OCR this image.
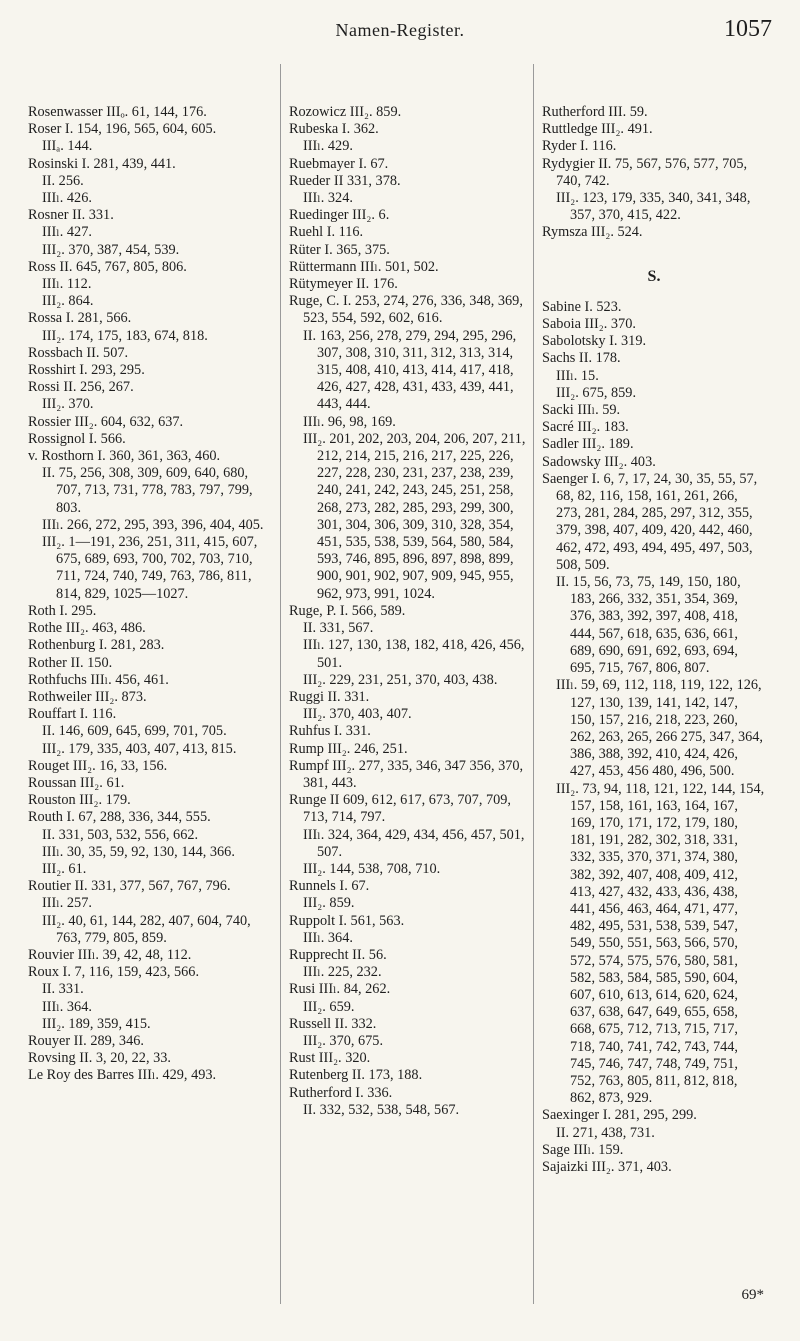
Namen-Register.	1057

Rosenwasser IIIₒ. 61, 144, 176.

Roser I. 154, 196, 565, 604, 605.

IIIₐ. 144.

Rosinski I. 281, 439, 441.

II. 256.

IIIₗ. 426.

Rosner II. 331.

IIIₗ. 427.

III₂. 370, 387, 454, 539.

Ross II. 645, 767, 805, 806.

IIIₗ. 112.

III₂. 864.

Rossa I. 281, 566.

III₂. 174, 175, 183, 674, 818.

Rossbach II. 507.

Rosshirt I. 293, 295.

Rossi II. 256, 267.

III₂. 370.

Rossier III₂. 604, 632, 637.

Rossignol I. 566.

v. Rosthorn I. 360, 361, 363, 460.

II. 75, 256, 308, 309, 609, 640, 680, 707, 713, 731, 778, 783, 797, 799, 803.

IIIₗ. 266, 272, 295, 393, 396, 404, 405.

III₂. 1—191, 236, 251, 311, 415, 607, 675, 689, 693, 700, 702, 703, 710, 711, 724, 740, 749, 763, 786, 811, 814, 829, 1025—1027.

Roth I. 295.

Rothe III₂. 463, 486.

Rothenburg I. 281, 283.

Rother II. 150.

Rothfuchs IIIₗ. 456, 461.

Rothweiler III₂. 873.

Rouffart I. 116.

II. 146, 609, 645, 699, 701, 705.

III₂. 179, 335, 403, 407, 413, 815.

Rouget III₂. 16, 33, 156.

Roussan III₂. 61.

Rouston III₂. 179.

Routh I. 67, 288, 336, 344, 555.

II. 331, 503, 532, 556, 662.

IIIₗ. 30, 35, 59, 92, 130, 144, 366.

III₂. 61.

Routier II. 331, 377, 567, 767, 796.

IIIₗ. 257.

III₂. 40, 61, 144, 282, 407, 604, 740, 763, 779, 805, 859.

Rouvier IIIₗ. 39, 42, 48, 112.

Roux I. 7, 116, 159, 423, 566.

II. 331.

IIIₗ. 364.

III₂. 189, 359, 415.

Rouyer II. 289, 346.

Rovsing II. 3, 20, 22, 33.

Le Roy des Barres IIIₗ. 429, 493.

Rozowicz III₂. 859.

Rubeska I. 362.

IIIₗ. 429.

Ruebmayer I. 67.

Rueder II 331, 378.

IIIₗ. 324.

Ruedinger III₂. 6.

Ruehl I. 116.

Rüter I. 365, 375.

Rüttermann IIIₗ. 501, 502.

Rütymeyer II. 176.

Ruge, C. I. 253, 274, 276, 336, 348, 369, 523, 554, 592, 602, 616.

II. 163, 256, 278, 279, 294, 295, 296, 307, 308, 310, 311, 312, 313, 314, 315, 408, 410, 413, 414, 417, 418, 426, 427, 428, 431, 433, 439, 441, 443, 444.

IIIₗ. 96, 98, 169.

III₂. 201, 202, 203, 204, 206, 207, 211, 212, 214, 215, 216, 217, 225, 226, 227, 228, 230, 231, 237, 238, 239, 240, 241, 242, 243, 245, 251, 258, 268, 273, 282, 285, 293, 299, 300, 301, 304, 306, 309, 310, 328, 354, 451, 535, 538, 539, 564, 580, 584, 593, 746, 895, 896, 897, 898, 899, 900, 901, 902, 907, 909, 945, 955, 962, 973, 991, 1024.

Ruge, P. I. 566, 589.

II. 331, 567.

IIIₗ. 127, 130, 138, 182, 418, 426, 456, 501.

III₂. 229, 231, 251, 370, 403, 438.

Ruggi II. 331.

III₂. 370, 403, 407.

Ruhfus I. 331.

Rump III₂. 246, 251.

Rumpf III₂. 277, 335, 346, 347 356, 370, 381, 443.

Runge II 609, 612, 617, 673, 707, 709, 713, 714, 797.

IIIₗ. 324, 364, 429, 434, 456, 457, 501, 507.

III₂. 144, 538, 708, 710.

Runnels I. 67.

III₂. 859.

Ruppolt I. 561, 563.

IIIₗ. 364.

Rupprecht II. 56.

IIIₗ. 225, 232.

Rusi IIIₗ. 84, 262.

III₂. 659.

Russell II. 332.

III₂. 370, 675.

Rust III₂. 320.

Rutenberg II. 173, 188.

Rutherford I. 336.

II. 332, 532, 538, 548, 567.

Rutherford III. 59.

Ruttledge III₂. 491.

Ryder I. 116.

Rydygier II. 75, 567, 576, 577, 705, 740, 742.

III₂. 123, 179, 335, 340, 341, 348, 357, 370, 415, 422.

Rymsza III₂. 524.

S.

Sabine I. 523.

Saboia III₂. 370.

Sabolotsky I. 319.

Sachs II. 178.

IIIₗ. 15.

III₂. 675, 859.

Sacki IIIₗ. 59.

Sacré III₂. 183.

Sadler III₂. 189.

Sadowsky III₂. 403.

Saenger I. 6, 7, 17, 24, 30, 35, 55, 57, 68, 82, 116, 158, 161, 261, 266, 273, 281, 284, 285, 297, 312, 355, 379, 398, 407, 409, 420, 442, 460, 462, 472, 493, 494, 495, 497, 503, 508, 509.

II. 15, 56, 73, 75, 149, 150, 180, 183, 266, 332, 351, 354, 369, 376, 383, 392, 397, 408, 418, 444, 567, 618, 635, 636, 661, 689, 690, 691, 692, 693, 694, 695, 715, 767, 806, 807.

IIIₗ. 59, 69, 112, 118, 119, 122, 126, 127, 130, 139, 141, 142, 147, 150, 157, 216, 218, 223, 260, 262, 263, 265, 266 275, 347, 364, 386, 388, 392, 410, 424, 426, 427, 453, 456 480, 496, 500.

III₂. 73, 94, 118, 121, 122, 144, 154, 157, 158, 161, 163, 164, 167, 169, 170, 171, 172, 179, 180, 181, 191, 282, 302, 318, 331, 332, 335, 370, 371, 374, 380, 382, 392, 407, 408, 409, 412, 413, 427, 432, 433, 436, 438, 441, 456, 463, 464, 471, 477, 482, 495, 531, 538, 539, 547, 549, 550, 551, 563, 566, 570, 572, 574, 575, 576, 580, 581, 582, 583, 584, 585, 590, 604, 607, 610, 613, 614, 620, 624, 637, 638, 647, 649, 655, 658, 668, 675, 712, 713, 715, 717, 718, 740, 741, 742, 743, 744, 745, 746, 747, 748, 749, 751, 752, 763, 805, 811, 812, 818, 862, 873, 929.

Saexinger I. 281, 295, 299.

II. 271, 438, 731.

Sage IIIₗ. 159.

Sajaizki III₂. 371, 403.

69*
